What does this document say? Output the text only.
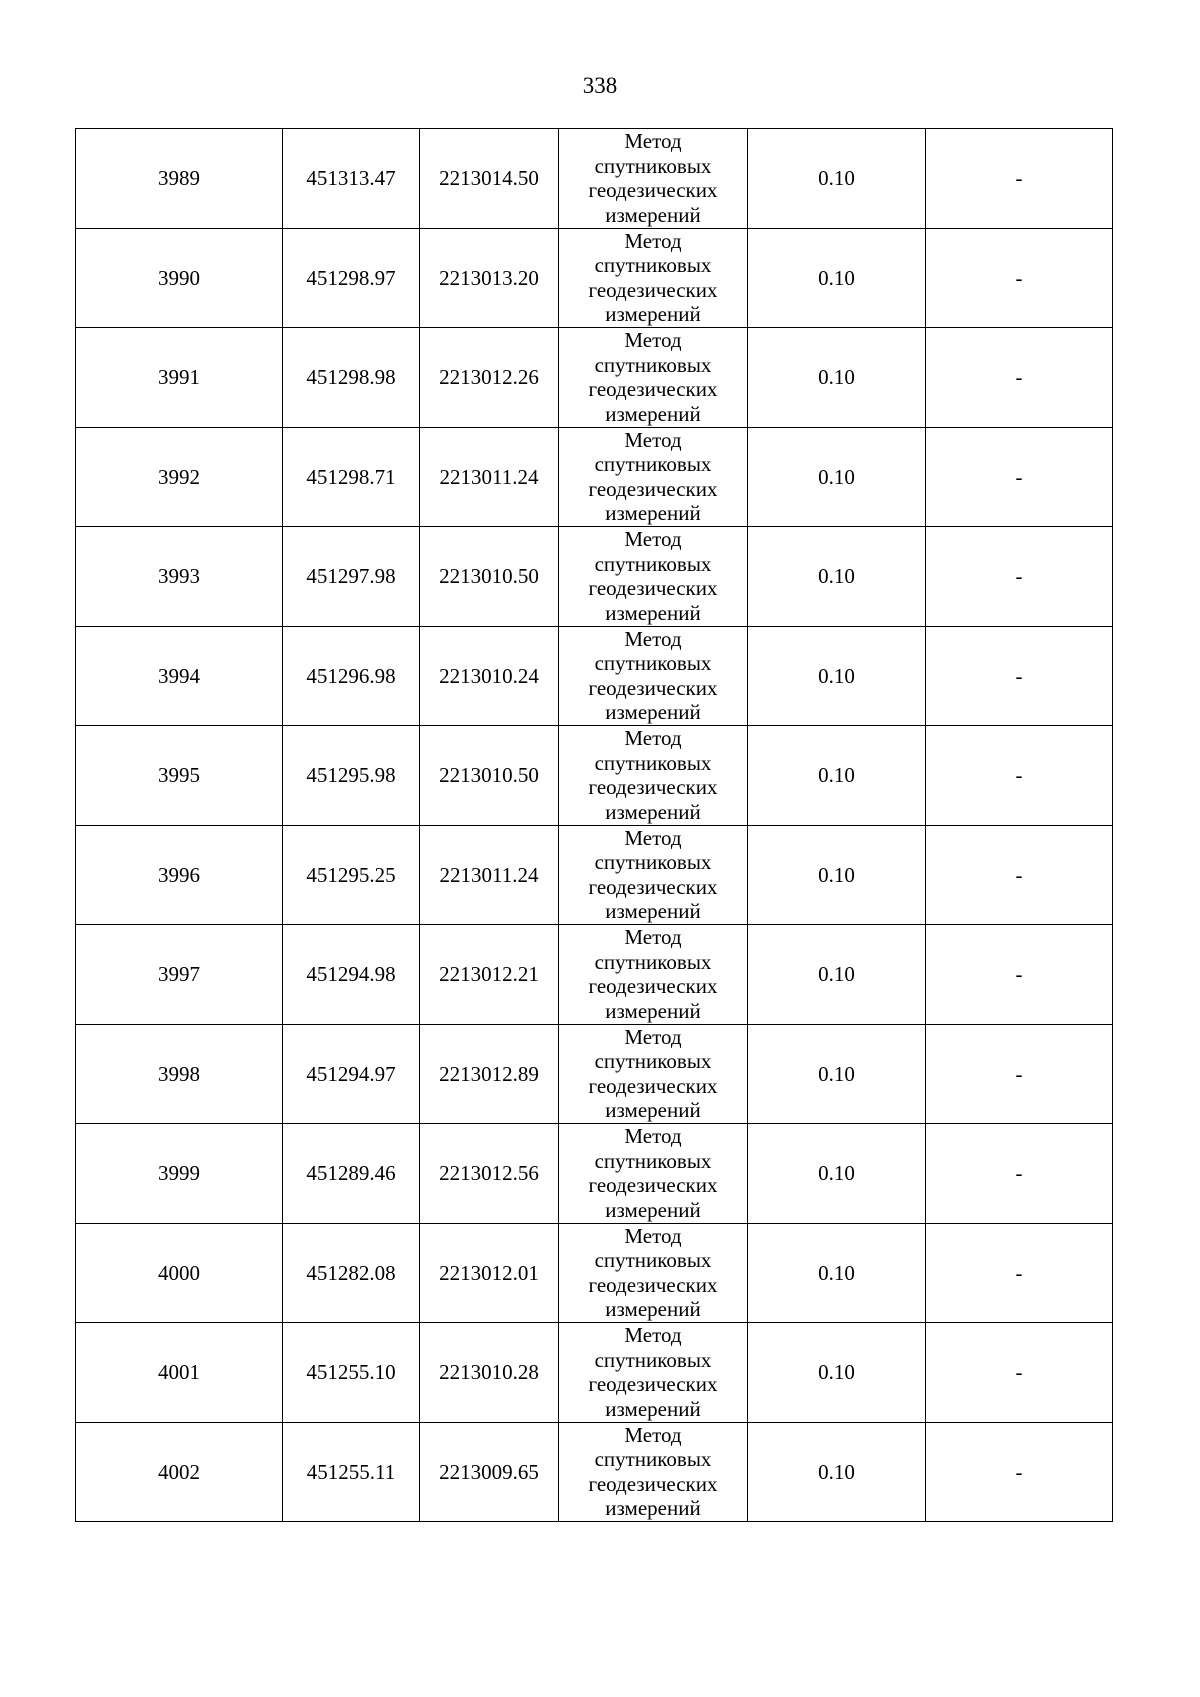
338
3989	451313.47	2213014.50	Метод
спутниковых
геодезических
измерений	0.10	-
3990	451298.97	2213013.20	Метод
спутниковых
геодезических
измерений	0.10	-
3991	451298.98	2213012.26	Метод
спутниковых
геодезических
измерений	0.10	-
3992	451298.71	2213011.24	Метод
спутниковых
геодезических
измерений	0.10	-
3993	451297.98	2213010.50	Метод
спутниковых
геодезических
измерений	0.10	-
3994	451296.98	2213010.24	Метод
спутниковых
геодезических
измерений	0.10	-
3995	451295.98	2213010.50	Метод
спутниковых
геодезических
измерений	0.10	-
3996	451295.25	2213011.24	Метод
спутниковых
геодезических
измерений	0.10	-
3997	451294.98	2213012.21	Метод
спутниковых
геодезических
измерений	0.10	-
3998	451294.97	2213012.89	Метод
спутниковых
геодезических
измерений	0.10	-
3999	451289.46	2213012.56	Метод
спутниковых
геодезических
измерений	0.10	-
4000	451282.08	2213012.01	Метод
спутниковых
геодезических
измерений	0.10	-
4001	451255.10	2213010.28	Метод
спутниковых
геодезических
измерений	0.10	-
4002	451255.11	2213009.65	Метод
спутниковых
геодезических
измерений	0.10	-
